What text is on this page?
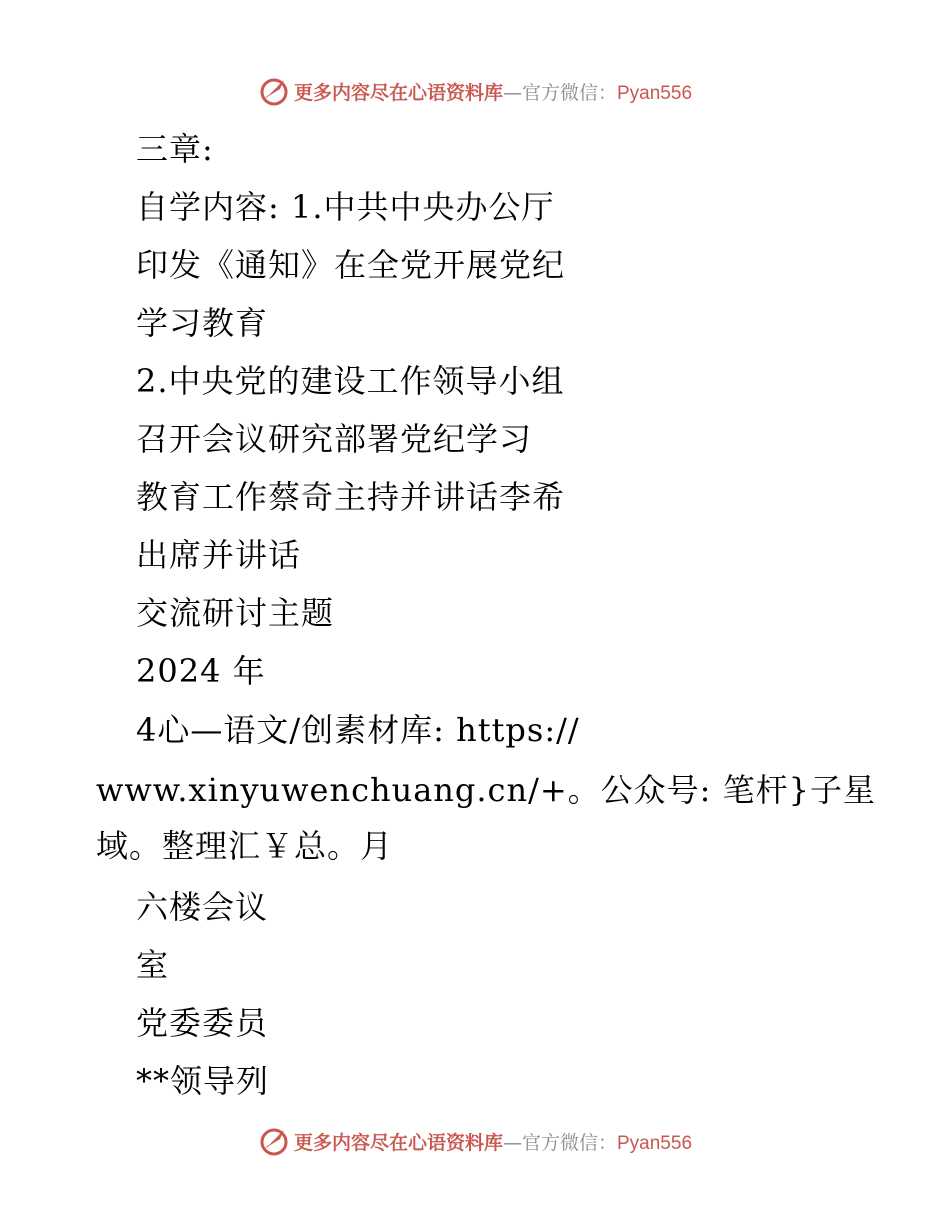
更多内容尽在心语资料库—官方微信：Pyan556
三章:
自学内容: 1.中共中央办公厅
印发《通知》在全党开展党纪
学习教育
2.中央党的建设工作领导小组
召开会议研究部署党纪学习
教育工作蔡奇主持并讲话李希
出席并讲话
交流研讨主题
2024 年
4心—语文/创素材库: https://
www.xinyuwenchuang.cn/+。公众号: 笔杆}子星
域。整理汇￥总。月
六楼会议
室
党委委员
**领导列
更多内容尽在心语资料库—官方微信：Pyan556
